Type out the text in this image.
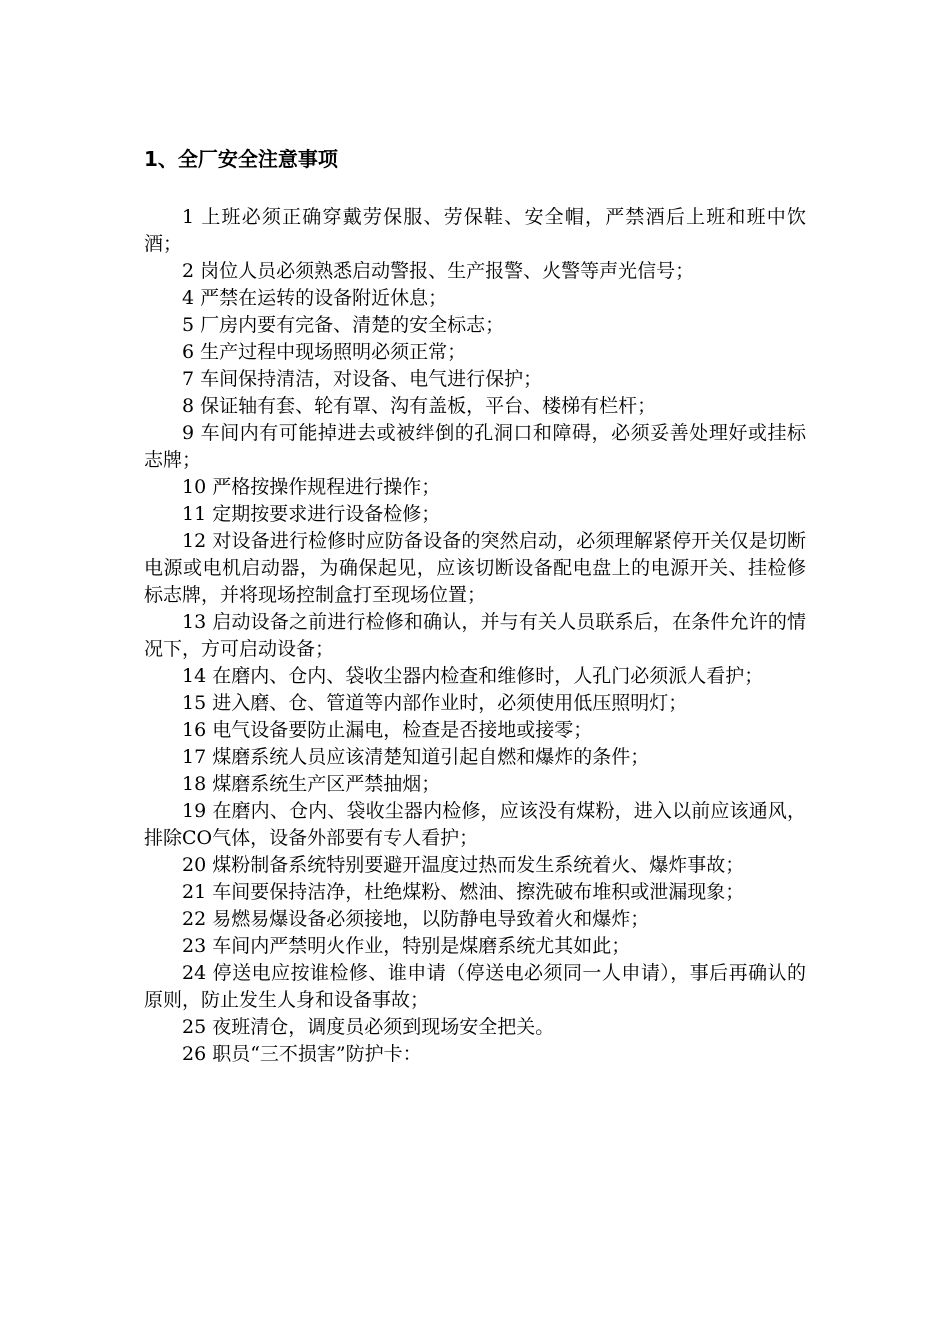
1、全厂安全注意事项

1 上班必须正确穿戴劳保服、劳保鞋、安全帽，严禁酒后上班和班中饮酒；

2 岗位人员必须熟悉启动警报、生产报警、火警等声光信号；

4 严禁在运转的设备附近休息；

5 厂房内要有完备、清楚的安全标志；

6 生产过程中现场照明必须正常；

7 车间保持清洁，对设备、电气进行保护；

8 保证轴有套、轮有罩、沟有盖板，平台、楼梯有栏杆；

9 车间内有可能掉进去或被绊倒的孔洞口和障碍，必须妥善处理好或挂标志牌；

10 严格按操作规程进行操作；

11 定期按要求进行设备检修；

12 对设备进行检修时应防备设备的突然启动，必须理解紧停开关仅是切断电源或电机启动器，为确保起见，应该切断设备配电盘上的电源开关、挂检修标志牌，并将现场控制盒打至现场位置；

13 启动设备之前进行检修和确认，并与有关人员联系后，在条件允许的情况下，方可启动设备；

14 在磨内、仓内、袋收尘器内检查和维修时，人孔门必须派人看护；

15 进入磨、仓、管道等内部作业时，必须使用低压照明灯；

16 电气设备要防止漏电，检查是否接地或接零；

17 煤磨系统人员应该清楚知道引起自燃和爆炸的条件；

18 煤磨系统生产区严禁抽烟；

19 在磨内、仓内、袋收尘器内检修，应该没有煤粉，进入以前应该通风，排除CO气体，设备外部要有专人看护；

20 煤粉制备系统特别要避开温度过热而发生系统着火、爆炸事故；

21 车间要保持洁净，杜绝煤粉、燃油、擦洗破布堆积或泄漏现象；

22 易燃易爆设备必须接地，以防静电导致着火和爆炸；

23 车间内严禁明火作业，特别是煤磨系统尤其如此；

24 停送电应按谁检修、谁申请（停送电必须同一人申请），事后再确认的原则，防止发生人身和设备事故；

25 夜班清仓，调度员必须到现场安全把关。

26 职员“三不损害”防护卡：
